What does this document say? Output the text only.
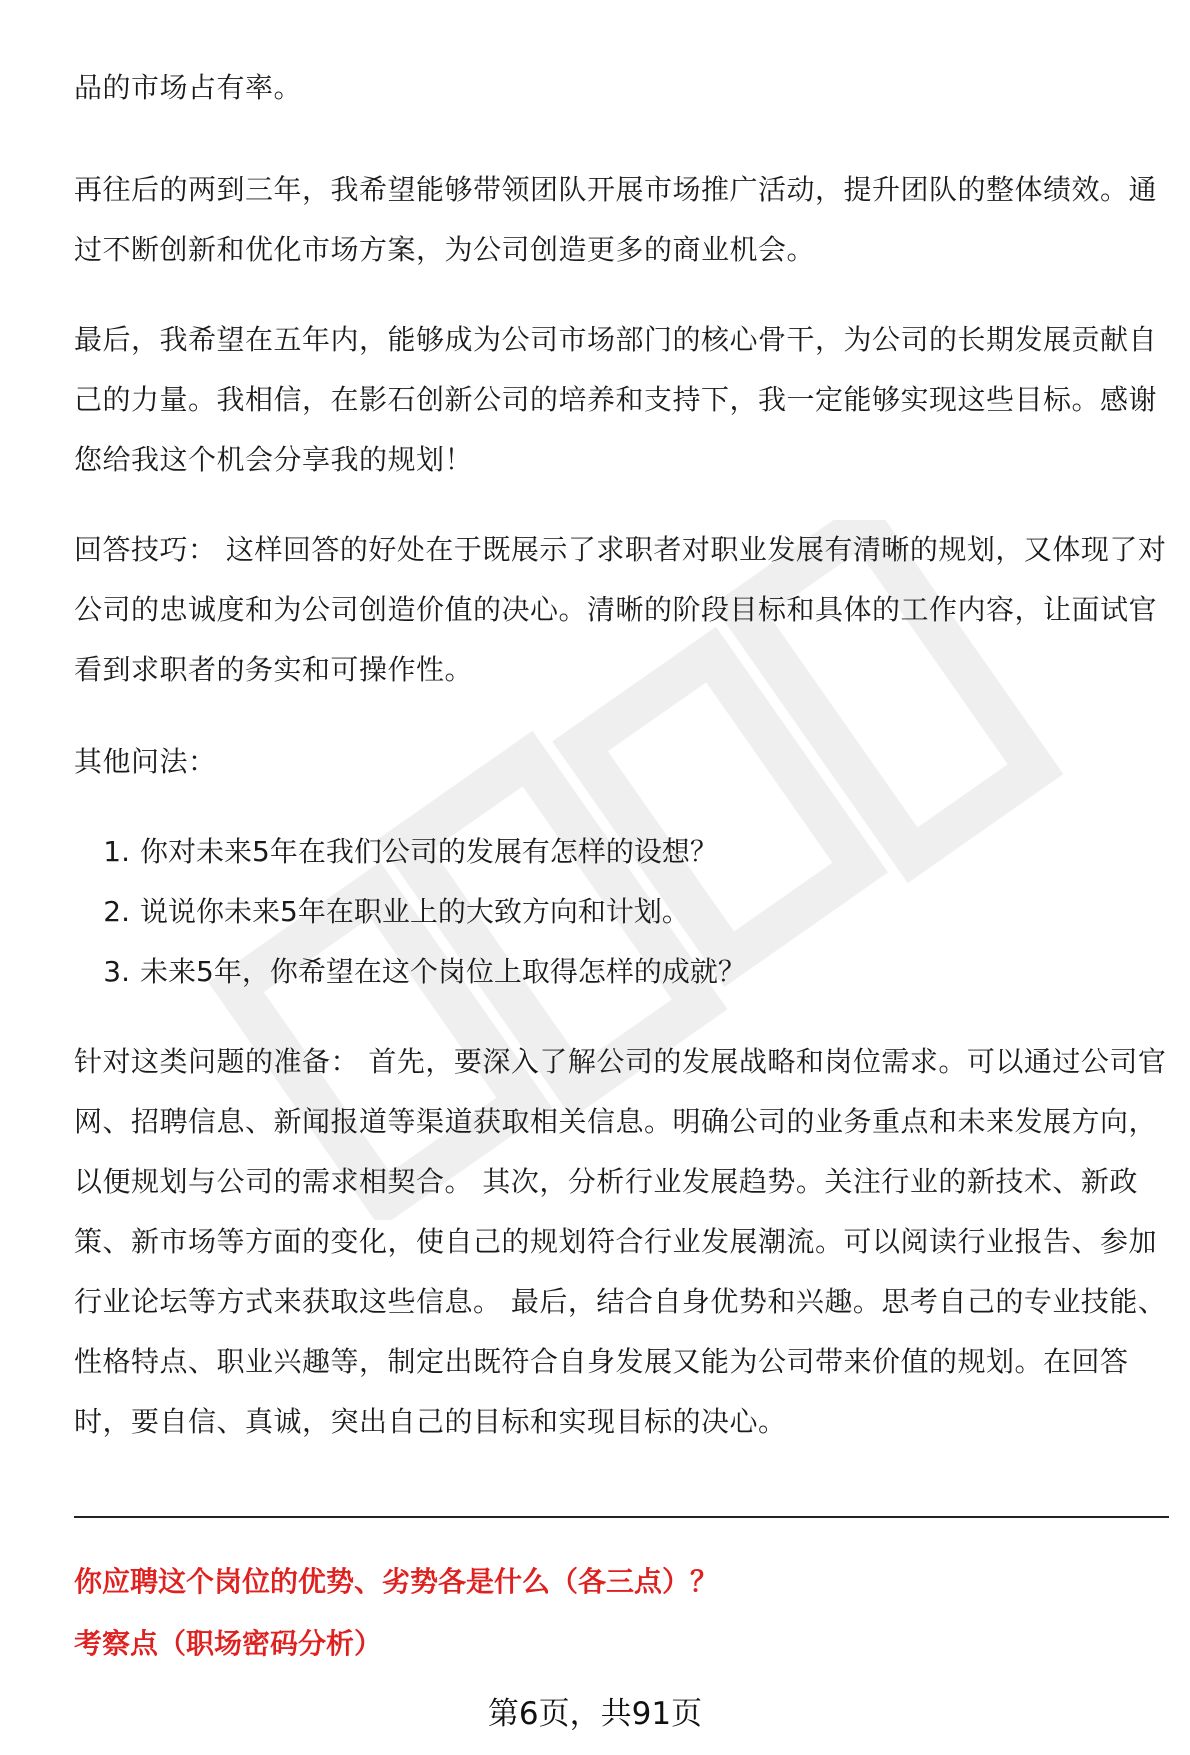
品的市场占有率。

再往后的两到三年，我希望能够带领团队开展市场推广活动，提升团队的整体绩效。通过不断创新和优化市场方案，为公司创造更多的商业机会。

最后，我希望在五年内，能够成为公司市场部门的核心骨干，为公司的长期发展贡献自己的力量。我相信，在影石创新公司的培养和支持下，我一定能够实现这些目标。感谢您给我这个机会分享我的规划！

回答技巧： 这样回答的好处在于既展示了求职者对职业发展有清晰的规划，又体现了对公司的忠诚度和为公司创造价值的决心。清晰的阶段目标和具体的工作内容，让面试官看到求职者的务实和可操作性。

其他问法：

1. 你对未来5年在我们公司的发展有怎样的设想？
2. 说说你未来5年在职业上的大致方向和计划。
3. 未来5年，你希望在这个岗位上取得怎样的成就？

针对这类问题的准备： 首先，要深入了解公司的发展战略和岗位需求。可以通过公司官网、招聘信息、新闻报道等渠道获取相关信息。明确公司的业务重点和未来发展方向，以便规划与公司的需求相契合。 其次，分析行业发展趋势。关注行业的新技术、新政策、新市场等方面的变化，使自己的规划符合行业发展潮流。可以阅读行业报告、参加行业论坛等方式来获取这些信息。 最后，结合自身优势和兴趣。思考自己的专业技能、性格特点、职业兴趣等，制定出既符合自身发展又能为公司带来价值的规划。在回答时，要自信、真诚，突出自己的目标和实现目标的决心。

你应聘这个岗位的优势、劣势各是什么（各三点）？

考察点（职场密码分析）

第6页，共91页
